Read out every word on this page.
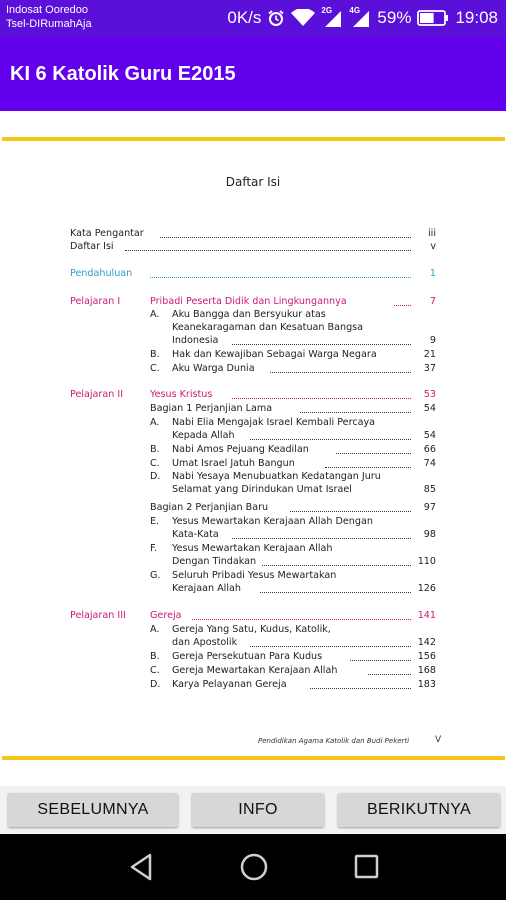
Indosat Ooredoo
Tsel-DIRumahAja	0K/s	2G 4G 59%	19:08
KI 6 Katolik Guru E2015
Daftar Isi
Kata Pengantar	iii
Daftar Isi	v
Pendahuluan	1
Pelajaran I	Pribadi Peserta Didik dan Lingkungannya	7
A. Aku Bangga dan Bersyukur atas
Keanekaragaman dan Kesatuan Bangsa
Indonesia	9
B. Hak dan Kewajiban Sebagai Warga Negara	21
C. Aku Warga Dunia	37
Pelajaran II	Yesus Kristus	53
Bagian 1 Perjanjian Lama	54
A. Nabi Elia Mengajak Israel Kembali Percaya
Kepada Allah	54
B. Nabi Amos Pejuang Keadilan	66
C. Umat Israel Jatuh Bangun	74
D. Nabi Yesaya Menubuatkan Kedatangan Juru
Selamat yang Dirindukan Umat Israel	85
Bagian 2 Perjanjian Baru	97
E. Yesus Mewartakan Kerajaan Allah Dengan
Kata-Kata	98
F. Yesus Mewartakan Kerajaan Allah
Dengan Tindakan	110
G. Seluruh Pribadi Yesus Mewartakan
Kerajaan Allah	126
Pelajaran III	Gereja	141
A. Gereja Yang Satu, Kudus, Katolik,
dan Apostolik	142
B. Gereja Persekutuan Para Kudus	156
C. Gereja Mewartakan Kerajaan Allah	168
D. Karya Pelayanan Gereja	183
Pendidikan Agama Katolik dan Budi Pekerti	V
SEBELUMNYA	INFO	BERIKUTNYA
